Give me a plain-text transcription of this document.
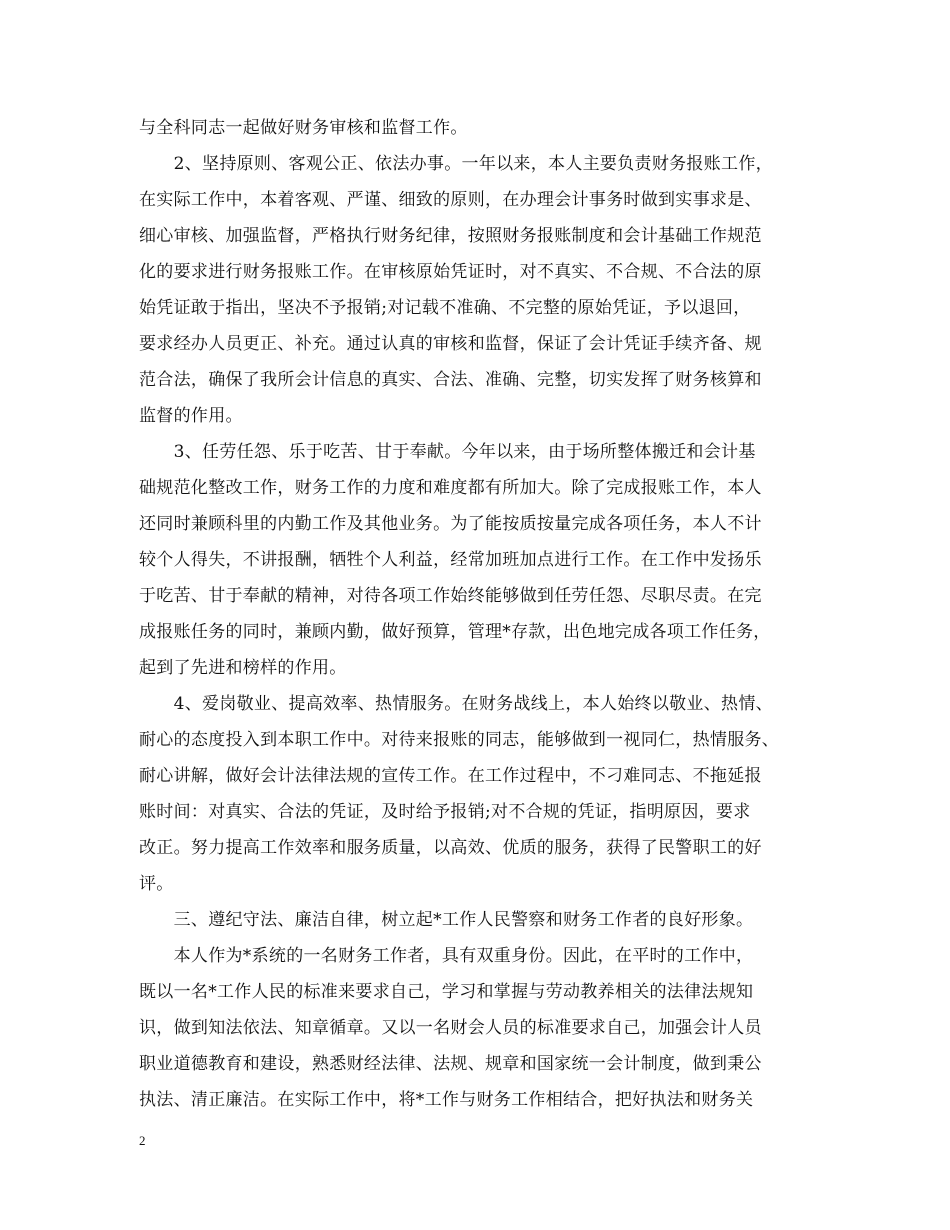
与全科同志一起做好财务审核和监督工作。
　　2、坚持原则、客观公正、依法办事。一年以来，本人主要负责财务报账工作，
在实际工作中，本着客观、严谨、细致的原则，在办理会计事务时做到实事求是、
细心审核、加强监督，严格执行财务纪律，按照财务报账制度和会计基础工作规范
化的要求进行财务报账工作。在审核原始凭证时，对不真实、不合规、不合法的原
始凭证敢于指出，坚决不予报销;对记载不准确、不完整的原始凭证，予以退回，
要求经办人员更正、补充。通过认真的审核和监督，保证了会计凭证手续齐备、规
范合法，确保了我所会计信息的真实、合法、准确、完整，切实发挥了财务核算和
监督的作用。
　　3、任劳任怨、乐于吃苦、甘于奉献。今年以来，由于场所整体搬迁和会计基
础规范化整改工作，财务工作的力度和难度都有所加大。除了完成报账工作，本人
还同时兼顾科里的内勤工作及其他业务。为了能按质按量完成各项任务，本人不计
较个人得失，不讲报酬，牺牲个人利益，经常加班加点进行工作。在工作中发扬乐
于吃苦、甘于奉献的精神，对待各项工作始终能够做到任劳任怨、尽职尽责。在完
成报账任务的同时，兼顾内勤，做好预算，管理*存款，出色地完成各项工作任务，
起到了先进和榜样的作用。
　　4、爱岗敬业、提高效率、热情服务。在财务战线上，本人始终以敬业、热情、
耐心的态度投入到本职工作中。对待来报账的同志，能够做到一视同仁，热情服务、
耐心讲解，做好会计法律法规的宣传工作。在工作过程中，不刁难同志、不拖延报
账时间：对真实、合法的凭证，及时给予报销;对不合规的凭证，指明原因，要求
改正。努力提高工作效率和服务质量，以高效、优质的服务，获得了民警职工的好
评。
　　三、遵纪守法、廉洁自律，树立起*工作人民警察和财务工作者的良好形象。
　　本人作为*系统的一名财务工作者，具有双重身份。因此，在平时的工作中，
既以一名*工作人民的标准来要求自己，学习和掌握与劳动教养相关的法律法规知
识，做到知法依法、知章循章。又以一名财会人员的标准要求自己，加强会计人员
职业道德教育和建设，熟悉财经法律、法规、规章和国家统一会计制度，做到秉公
执法、清正廉洁。在实际工作中，将*工作与财务工作相结合，把好执法和财务关
2
